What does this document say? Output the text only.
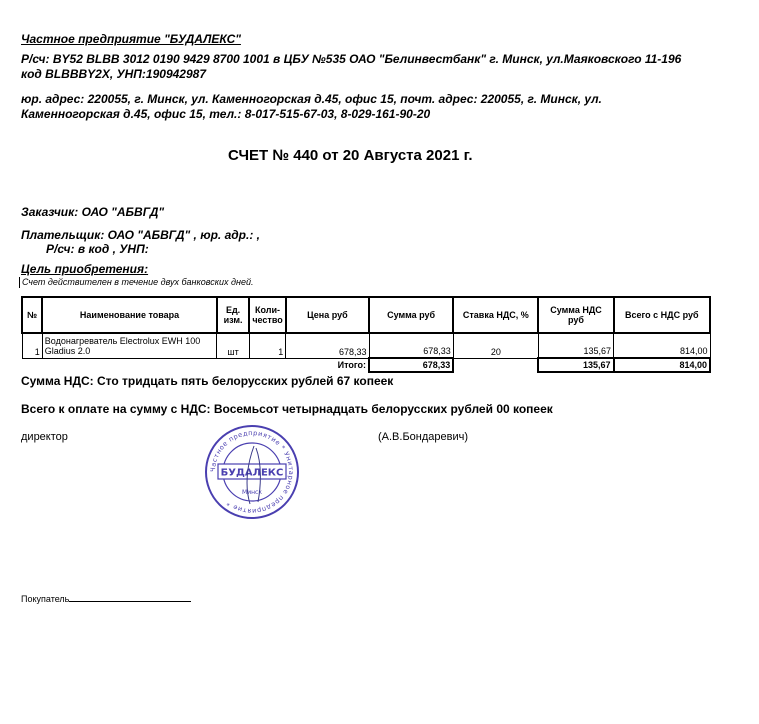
Частное предприятие "БУДАЛЕКС"
Р/сч: BY52 BLBB 3012 0190 9429 8700 1001 в ЦБУ №535 ОАО "Белинвестбанк" г. Минск, ул.Маяковского 11-196
код BLBBBY2X, УНП:190942987
юр. адрес: 220055, г. Минск, ул. Каменногорская д.45, офис 15, почт. адрес: 220055, г. Минск, ул.
Каменногорская д.45, офис 15, тел.: 8-017-515-67-03, 8-029-161-90-20
СЧЕТ № 440 от 20 Августа 2021 г.
Заказчик: ОАО "АБВГД"
Плательщик: ОАО "АБВГД" , юр. адр.: ,
Р/сч: в код , УНП:
Цель приобретения:
Счет действителен в течение двух банковских дней.
№	Наименование товара	Ед. изм.	Коли-чество	Цена руб	Сумма руб	Ставка НДС, %	Сумма НДС руб	Всего с НДС руб
1	Водонагреватель Electrolux EWH 100 Gladius 2.0	шт	1	678,33	678,33	20	135,67	814,00
Итого:					678,33		135,67	814,00
Сумма НДС: Сто тридцать пять белорусских рублей 67 копеек
Всего к оплате на сумму с НДС: Восемьсот четырнадцать белорусских рублей 00 копеек
директор	(А.В.Бондаревич)
Частное предприятие * Унитарное предприятие *
БУДАЛЕКС
Минск
Покупатель
